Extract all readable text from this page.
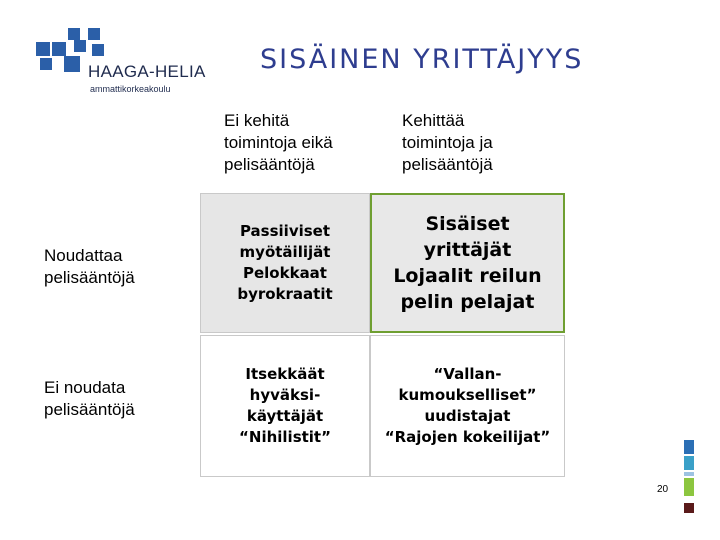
HAAGA-HELIA
ammattikorkeakoulu
SISÄINEN YRITTÄJYYS
Ei kehitä
toimintoja eikä
pelisääntöjä
Kehittää
toimintoja ja
pelisääntöjä
Noudattaa
pelisääntöjä
Ei noudata
pelisääntöjä
Passiiviset
myötäilijät
Pelokkaat
byrokraatit
Sisäiset
yrittäjät
Lojaalit reilun
pelin pelajat
Itsekkäät
hyväksi-
käyttäjät
“Nihilistit”
“Vallan-
kumouksellisetˮ
uudistajat
“Rajojen kokeilijatˮ
20
